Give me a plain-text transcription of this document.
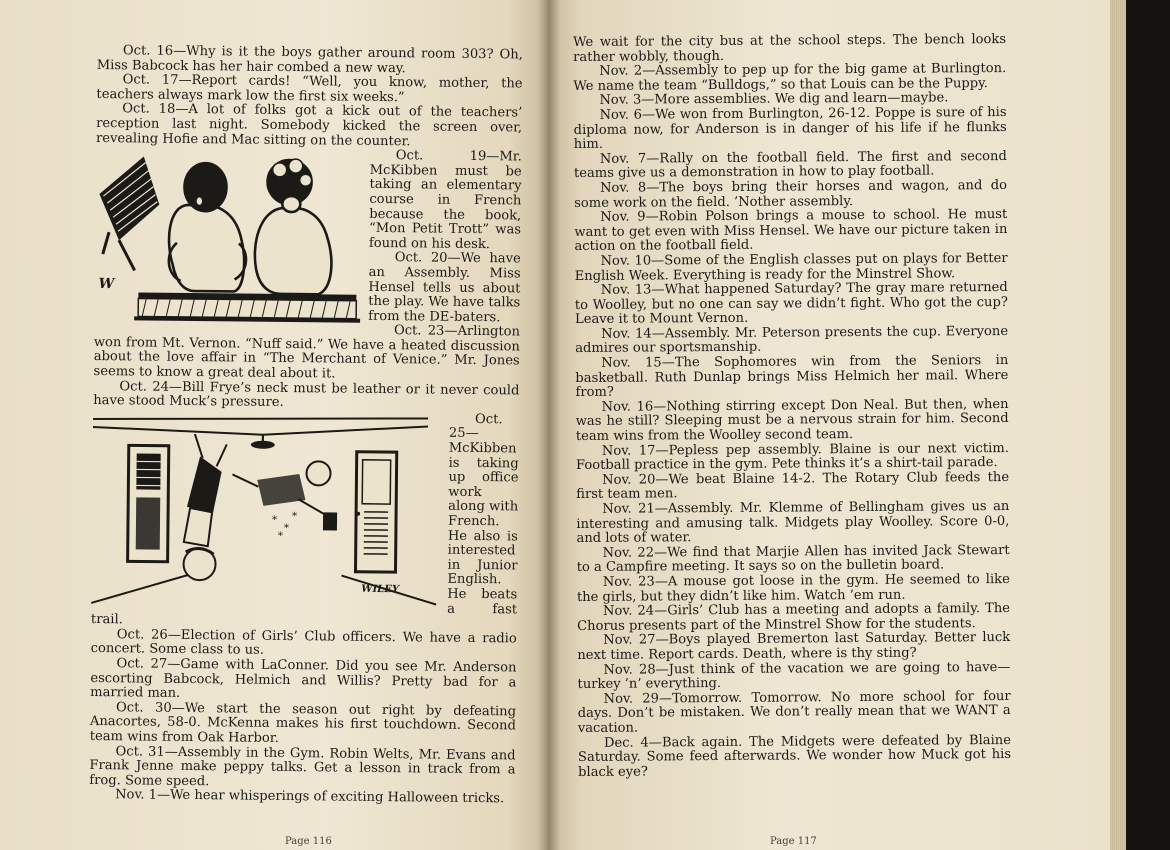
Oct. 16—Why is it the boys gather around room 303? Oh, Miss Babcock has her hair combed a new way.

Oct. 17—Report cards! “Well, you know, mother, the teachers always mark low the first six weeks.”

Oct. 18—A lot of folks got a kick out of the teachers’ reception last night. Somebody kicked the screen over, revealing Hofie and Mac sitting on the counter.

W

Oct. 19—Mr. McKibben must be taking an elementary course in French because the book, “Mon Petit Trott” was found on his desk.

Oct. 20—We have an Assembly. Miss Hensel tells us about the play. We have talks from the DE-baters.

Oct. 23—Arlington won from Mt. Vernon. “Nuff said.” We have a heated discussion about the love affair in “The Merchant of Venice.” Mr. Jones seems to know a great deal about it.

Oct. 24—Bill Frye’s neck must be leather or it never could have stood Muck’s pressure.

*
*
*
*
WILEY

Oct. 25—McKibben is taking up office work along with French. He also is interested in Junior English. He beats a fast trail.

Oct. 26—Election of Girls’ Club officers. We have a radio concert. Some class to us.

Oct. 27—Game with LaConner. Did you see Mr. Anderson escorting Babcock, Helmich and Willis? Pretty bad for a married man.

Oct. 30—We start the season out right by defeating Anacortes, 58-0. McKenna makes his first touchdown. Second team wins from Oak Harbor.

Oct. 31—Assembly in the Gym. Robin Welts, Mr. Evans and Frank Jenne make peppy talks. Get a lesson in track from a frog. Some speed.

Nov. 1—We hear whisperings of exciting Halloween tricks.

Page 116	Page 117

We wait for the city bus at the school steps. The bench looks rather wobbly, though.

Nov. 2—Assembly to pep up for the big game at Burlington. We name the team “Bulldogs,” so that Louis can be the Puppy.

Nov. 3—More assemblies. We dig and learn—maybe.

Nov. 6—We won from Burlington, 26-12. Poppe is sure of his diploma now, for Anderson is in danger of his life if he flunks him.

Nov. 7—Rally on the football field. The first and second teams give us a demonstration in how to play football.

Nov. 8—The boys bring their horses and wagon, and do some work on the field. ’Nother assembly.

Nov. 9—Robin Polson brings a mouse to school. He must want to get even with Miss Hensel. We have our picture taken in action on the football field.

Nov. 10—Some of the English classes put on plays for Better English Week. Everything is ready for the Minstrel Show.

Nov. 13—What happened Saturday? The gray mare returned to Woolley, but no one can say we didn’t fight. Who got the cup? Leave it to Mount Vernon.

Nov. 14—Assembly. Mr. Peterson presents the cup. Everyone admires our sportsmanship.

Nov. 15—The Sophomores win from the Seniors in basketball. Ruth Dunlap brings Miss Helmich her mail. Where from?

Nov. 16—Nothing stirring except Don Neal. But then, when was he still? Sleeping must be a nervous strain for him. Second team wins from the Woolley second team.

Nov. 17—Pepless pep assembly. Blaine is our next victim. Football practice in the gym. Pete thinks it’s a shirt-tail parade.

Nov. 20—We beat Blaine 14-2. The Rotary Club feeds the first team men.

Nov. 21—Assembly. Mr. Klemme of Bellingham gives us an interesting and amusing talk. Midgets play Woolley. Score 0-0, and lots of water.

Nov. 22—We find that Marjie Allen has invited Jack Stewart to a Campfire meeting. It says so on the bulletin board.

Nov. 23—A mouse got loose in the gym. He seemed to like the girls, but they didn’t like him. Watch ’em run.

Nov. 24—Girls’ Club has a meeting and adopts a family. The Chorus presents part of the Minstrel Show for the students.

Nov. 27—Boys played Bremerton last Saturday. Better luck next time. Report cards. Death, where is thy sting?

Nov. 28—Just think of the vacation we are going to have—turkey ’n’ everything.

Nov. 29—Tomorrow. Tomorrow. No more school for four days. Don’t be mistaken. We don’t really mean that we WANT a vacation.

Dec. 4—Back again. The Midgets were defeated by Blaine Saturday. Some feed afterwards. We wonder how Muck got his black eye?
